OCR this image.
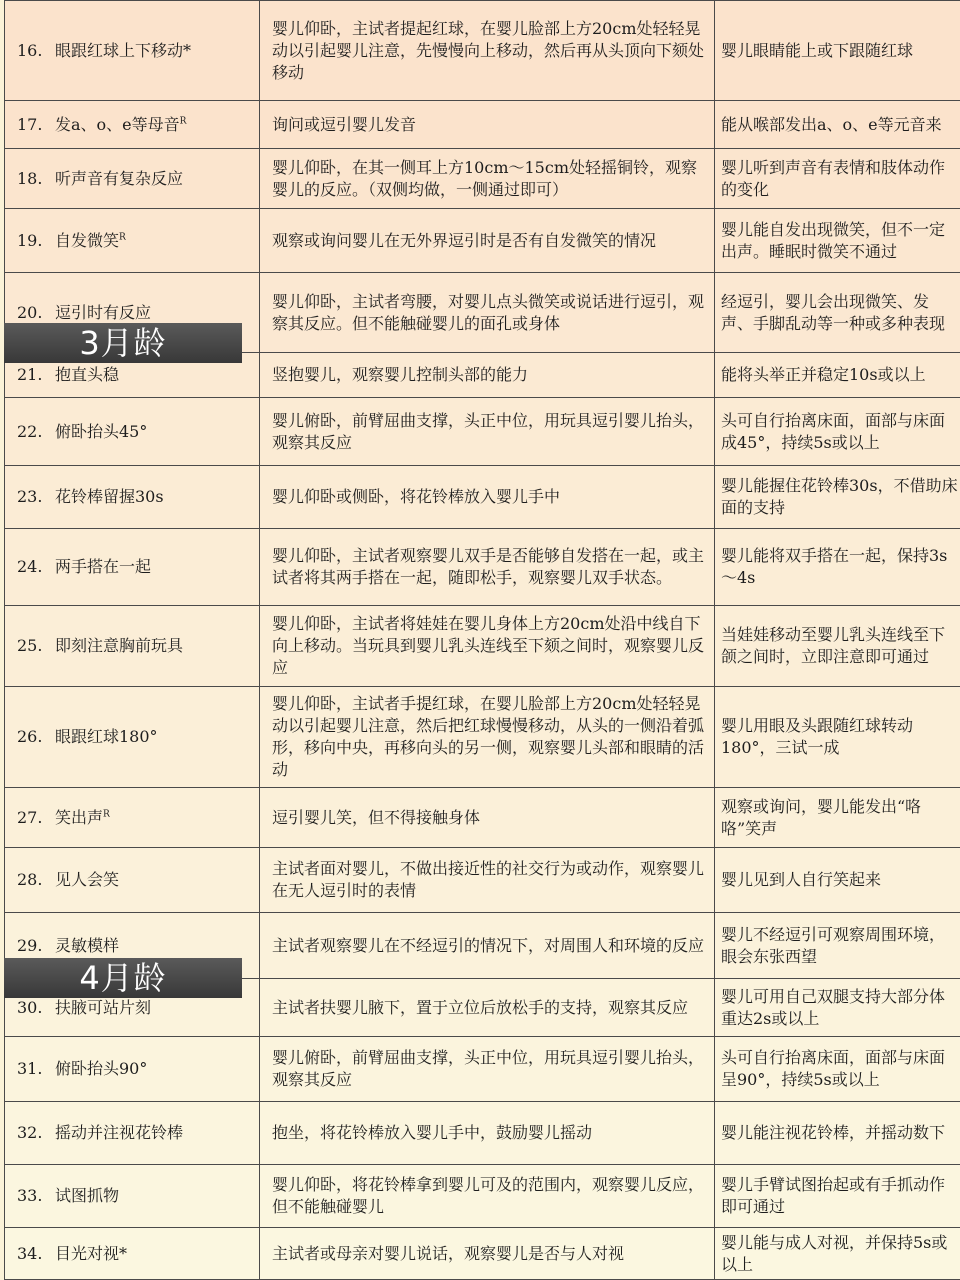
16. 眼跟红球上下移动*	婴儿仰卧，主试者提起红球，在婴儿脸部上方20cm处轻轻晃动以引起婴儿注意，先慢慢向上移动，然后再从头顶向下颏处移动	婴儿眼睛能上或下跟随红球
17. 发a、o、e等母音$^R$	询问或逗引婴儿发音	能从喉部发出a、o、e等元音来
18. 听声音有复杂反应	婴儿仰卧，在其一侧耳上方10cm～15cm处轻摇铜铃，观察婴儿的反应。（双侧均做，一侧通过即可）	婴儿听到声音有表情和肢体动作的变化
19. 自发微笑$^R$	观察或询问婴儿在无外界逗引时是否有自发微笑的情况	婴儿能自发出现微笑，但不一定出声。睡眠时微笑不通过
20. 逗引时有反应	婴儿仰卧，主试者弯腰，对婴儿点头微笑或说话进行逗引，观察其反应。但不能触碰婴儿的面孔或身体	经逗引，婴儿会出现微笑、发声、手脚乱动等一种或多种表现
21. 抱直头稳	竖抱婴儿，观察婴儿控制头部的能力	能将头举正并稳定10s或以上
22. 俯卧抬头45°	婴儿俯卧，前臂屈曲支撑，头正中位，用玩具逗引婴儿抬头，观察其反应	头可自行抬离床面，面部与床面成45°，持续5s或以上
23. 花铃棒留握30s	婴儿仰卧或侧卧，将花铃棒放入婴儿手中	婴儿能握住花铃棒30s，不借助床面的支持
24. 两手搭在一起	婴儿仰卧，主试者观察婴儿双手是否能够自发搭在一起，或主试者将其两手搭在一起，随即松手，观察婴儿双手状态。	婴儿能将双手搭在一起，保持3s～4s
25. 即刻注意胸前玩具	婴儿仰卧，主试者将娃娃在婴儿身体上方20cm处沿中线自下向上移动。当玩具到婴儿乳头连线至下颏之间时，观察婴儿反应	当娃娃移动至婴儿乳头连线至下颌之间时，立即注意即可通过
26. 眼跟红球180°	婴儿仰卧，主试者手提红球，在婴儿脸部上方20cm处轻轻晃动以引起婴儿注意，然后把红球慢慢移动，从头的一侧沿着弧形，移向中央，再移向头的另一侧，观察婴儿头部和眼睛的活动	婴儿用眼及头跟随红球转动180°，三试一成
27. 笑出声$^R$	逗引婴儿笑，但不得接触身体	观察或询问，婴儿能发出“咯咯”笑声
28. 见人会笑	主试者面对婴儿，不做出接近性的社交行为或动作，观察婴儿在无人逗引时的表情	婴儿见到人自行笑起来
29. 灵敏模样	主试者观察婴儿在不经逗引的情况下，对周围人和环境的反应	婴儿不经逗引可观察周围环境，眼会东张西望
30. 扶腋可站片刻	主试者扶婴儿腋下，置于立位后放松手的支持，观察其反应	婴儿可用自己双腿支持大部分体重达2s或以上
31. 俯卧抬头90°	婴儿俯卧，前臂屈曲支撑，头正中位，用玩具逗引婴儿抬头，观察其反应	头可自行抬离床面，面部与床面呈90°，持续5s或以上
32. 摇动并注视花铃棒	抱坐，将花铃棒放入婴儿手中，鼓励婴儿摇动	婴儿能注视花铃棒，并摇动数下
33. 试图抓物	婴儿仰卧，将花铃棒拿到婴儿可及的范围内，观察婴儿反应，但不能触碰婴儿	婴儿手臂试图抬起或有手抓动作即可通过
34. 目光对视*	主试者或母亲对婴儿说话，观察婴儿是否与人对视	婴儿能与成人对视，并保持5s或以上
3月龄
4月龄
